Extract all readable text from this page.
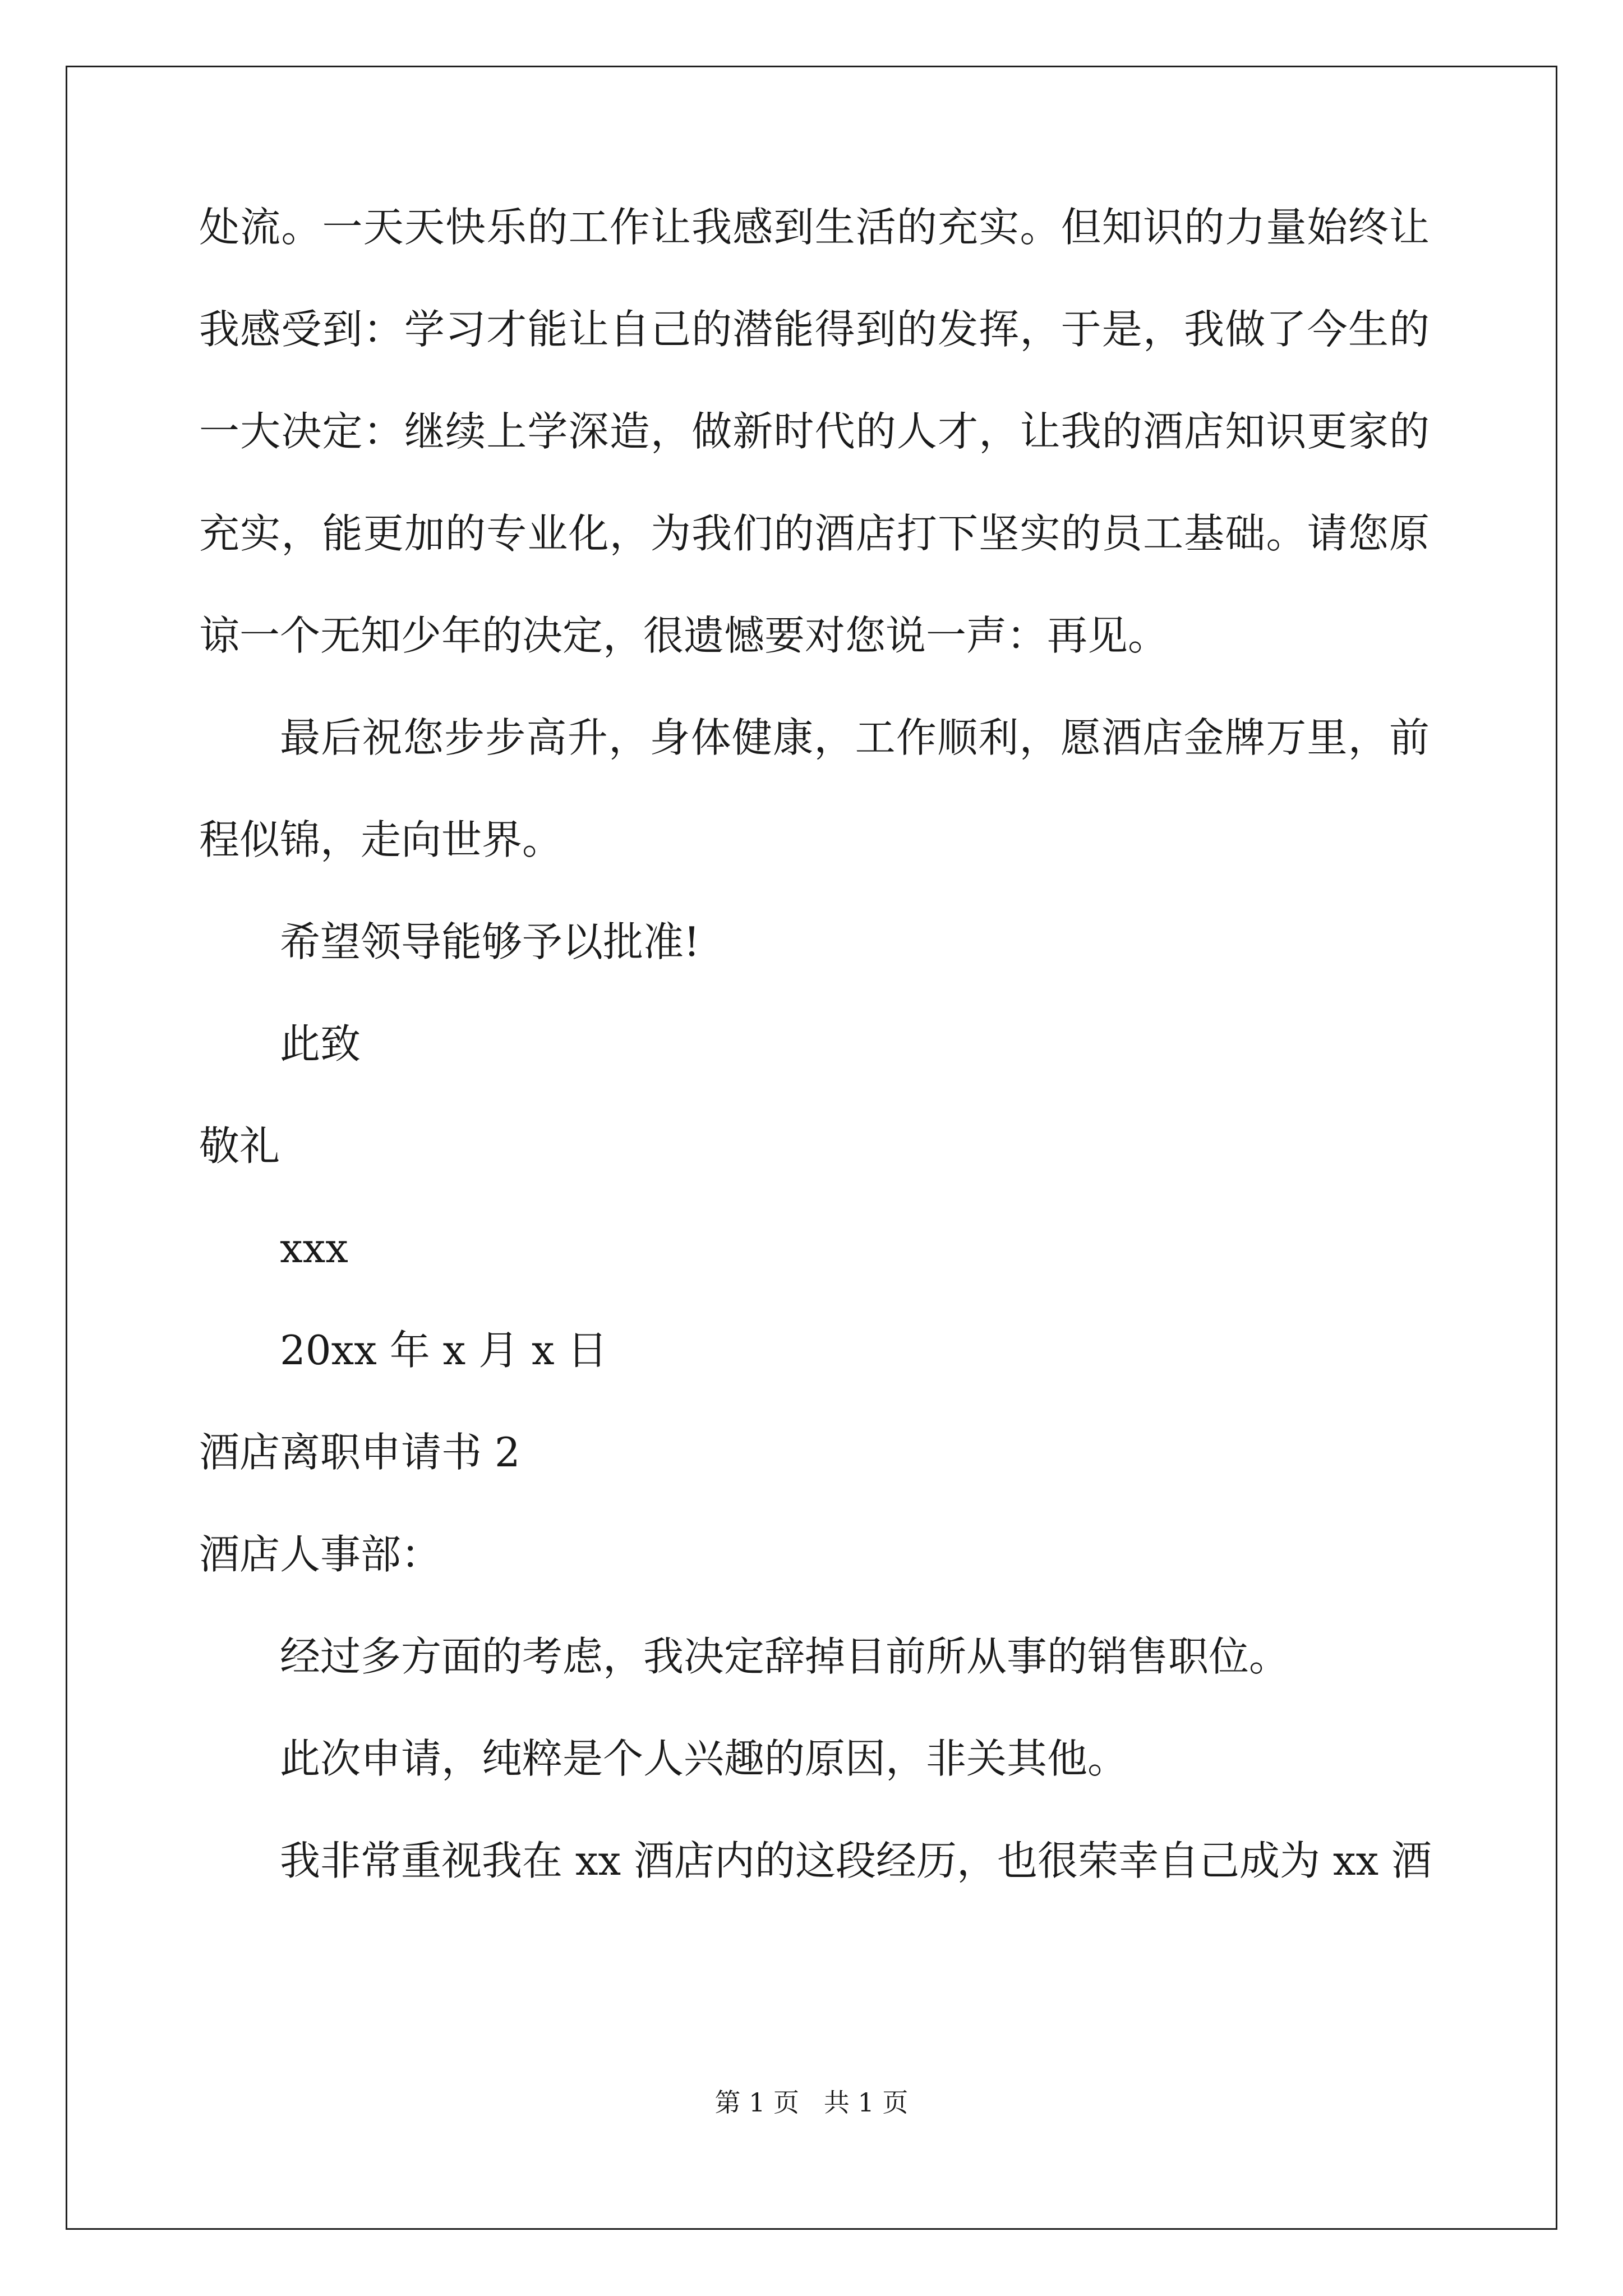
处流。一天天快乐的工作让我感到生活的充实。但知识的力量始终让
我感受到：学习才能让自己的潜能得到的发挥，于是，我做了今生的
一大决定：继续上学深造，做新时代的人才，让我的酒店知识更家的
充实，能更加的专业化，为我们的酒店打下坚实的员工基础。请您原
谅一个无知少年的决定，很遗憾要对您说一声：再见。
最后祝您步步高升，身体健康，工作顺利，愿酒店金牌万里，前
程似锦，走向世界。
希望领导能够予以批准!
此致
敬礼
xxx
20xx 年 x 月 x 日
酒店离职申请书 2
酒店人事部：
经过多方面的考虑，我决定辞掉目前所从事的销售职位。
此次申请，纯粹是个人兴趣的原因，非关其他。
我非常重视我在 xx 酒店内的这段经历，也很荣幸自己成为 xx 酒
第 1 页   共 1 页
